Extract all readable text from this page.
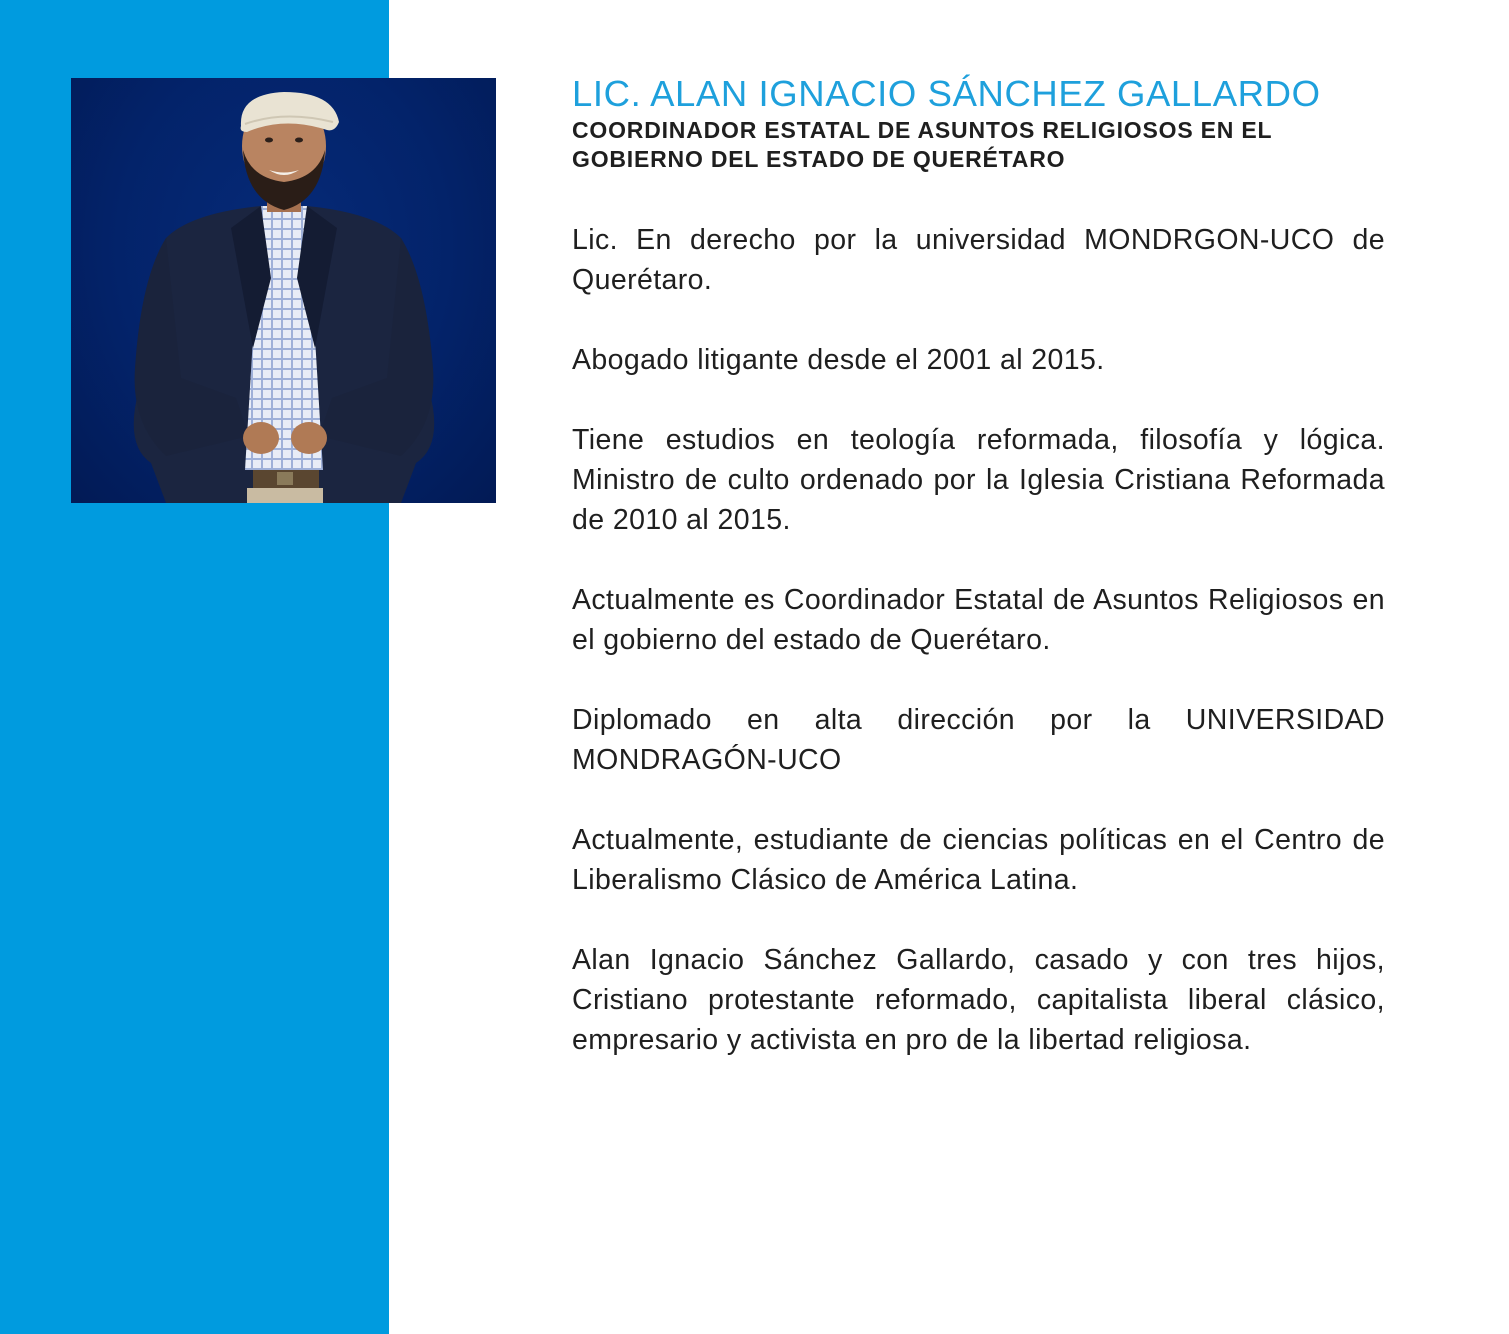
LIC. ALAN IGNACIO SÁNCHEZ GALLARDO
COORDINADOR ESTATAL DE ASUNTOS RELIGIOSOS EN EL GOBIERNO DEL ESTADO DE QUERÉTARO

Lic. En derecho por la universidad MONDRGON-UCO de Querétaro.

Abogado litigante desde el 2001 al 2015.

Tiene estudios en teología reformada, filosofía y lógica. Ministro de culto ordenado por la Iglesia Cristiana Reformada de 2010 al 2015.

Actualmente es Coordinador Estatal de Asuntos Religiosos en el gobierno del estado de Querétaro.

Diplomado en alta dirección por la UNIVERSIDAD MONDRAGÓN-UCO

Actualmente, estudiante de ciencias políticas en el Centro de Liberalismo Clásico de América Latina.

Alan Ignacio Sánchez Gallardo, casado y con tres hijos, Cristiano protestante reformado, capitalista liberal clásico, empresario y activista en pro de la libertad religiosa.
